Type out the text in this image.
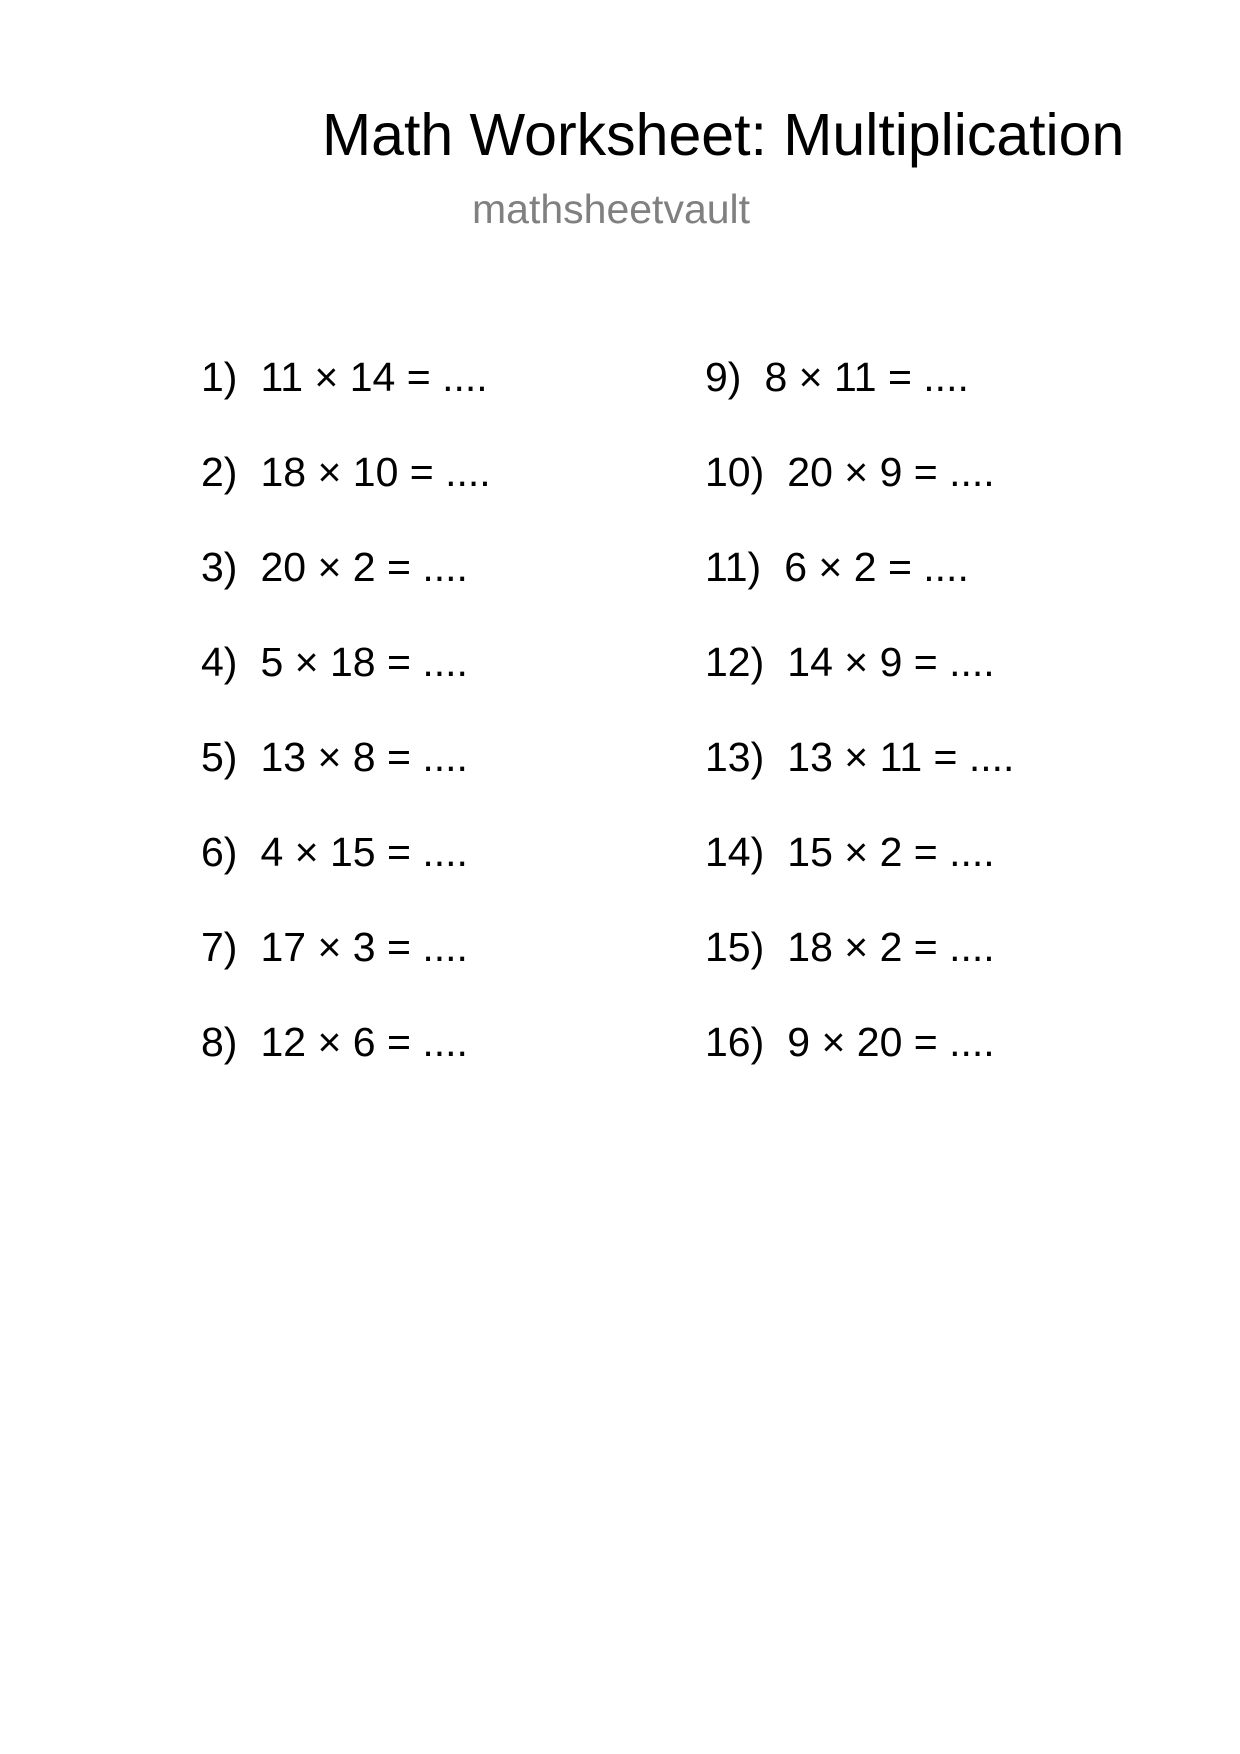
Math Worksheet: Multiplication
mathsheetvault
1) 11 × 14 = ....
2) 18 × 10 = ....
3) 20 × 2 = ....
4) 5 × 18 = ....
5) 13 × 8 = ....
6) 4 × 15 = ....
7) 17 × 3 = ....
8) 12 × 6 = ....
9) 8 × 11 = ....
10) 20 × 9 = ....
11) 6 × 2 = ....
12) 14 × 9 = ....
13) 13 × 11 = ....
14) 15 × 2 = ....
15) 18 × 2 = ....
16) 9 × 20 = ....
